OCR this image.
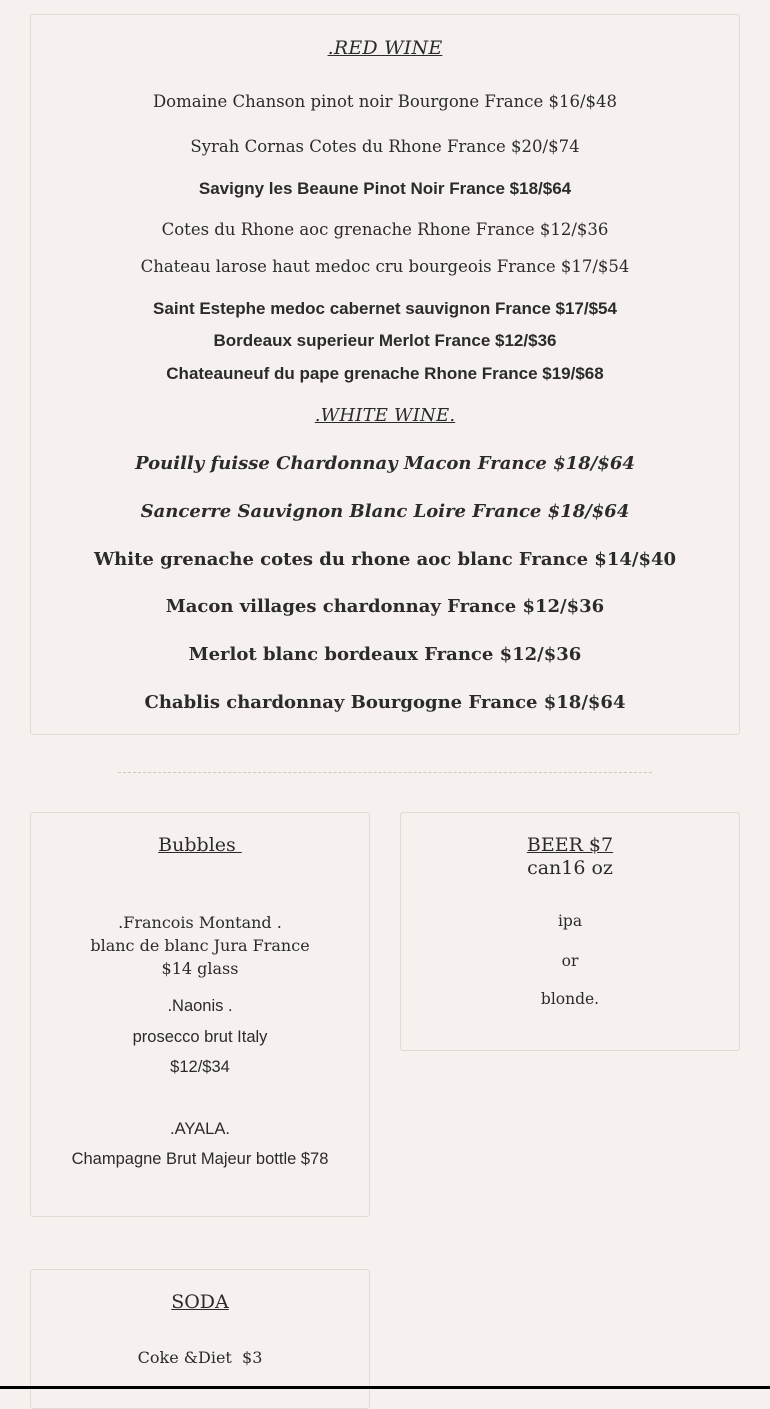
.RED WINE
Domaine Chanson pinot noir Bourgone France $16/$48
Syrah Cornas Cotes du Rhone France $20/$74
Savigny les Beaune Pinot Noir France $18/$64
Cotes du Rhone aoc grenache Rhone France $12/$36
Chateau larose haut medoc cru bourgeois France $17/$54
Saint Estephe medoc cabernet sauvignon France $17/$54
Bordeaux superieur Merlot France $12/$36
Chateauneuf du pape grenache Rhone France $19/$68
.WHITE WINE.
Pouilly fuisse Chardonnay Macon France $18/$64
Sancerre Sauvignon Blanc Loire France $18/$64
White grenache cotes du rhone aoc blanc France $14/$40
Macon villages chardonnay France $12/$36
Merlot blanc bordeaux France $12/$36
Chablis chardonnay Bourgogne France $18/$64
Bubbles
.Francois Montand .
blanc de blanc Jura France
$14 glass
.Naonis .
prosecco brut Italy
$12/$34
.AYALA.
Champagne Brut Majeur bottle $78
BEER $7
can16 oz
ipa
or
blonde.
SODA
Coke &Diet  $3
